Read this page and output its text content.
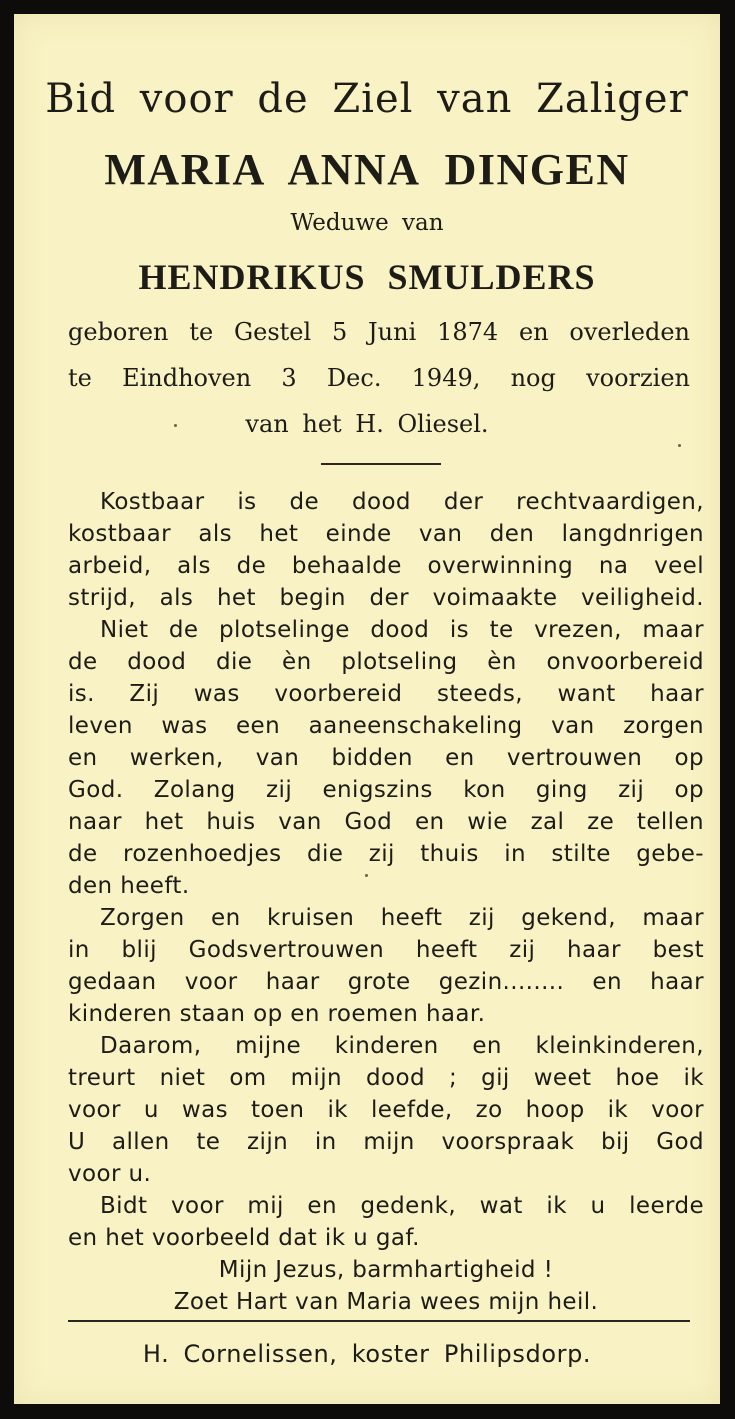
Bid voor de Ziel van Zaliger
MARIA ANNA DINGEN
Weduwe van
HENDRIKUS SMULDERS
geboren te Gestel 5 Juni 1874 en overleden
te Eindhoven 3 Dec. 1949, nog voorzien
van het H. Oliesel.
Kostbaar is de dood der rechtvaardigen,
kostbaar als het einde van den langdnrigen
arbeid, als de behaalde overwinning na veel
strijd, als het begin der voimaakte veiligheid.
Niet de plotselinge dood is te vrezen, maar
de dood die èn plotseling èn onvoorbereid
is. Zij was voorbereid steeds, want haar
leven was een aaneenschakeling van zorgen
en werken, van bidden en vertrouwen op
God. Zolang zij enigszins kon ging zij op
naar het huis van God en wie zal ze tellen
de rozenhoedjes die zij thuis in stilte gebe-
den heeft.
Zorgen en kruisen heeft zij gekend, maar
in blij Godsvertrouwen heeft zij haar best
gedaan voor haar grote gezin........ en haar
kinderen staan op en roemen haar.
Daarom, mijne kinderen en kleinkinderen,
treurt niet om mijn dood ; gij weet hoe ik
voor u was toen ik leefde, zo hoop ik voor
U allen te zijn in mijn voorspraak bij God
voor u.
Bidt voor mij en gedenk, wat ik u leerde
en het voorbeeld dat ik u gaf.
Mijn Jezus, barmhartigheid !
Zoet Hart van Maria wees mijn heil.
H. Cornelissen, koster Philipsdorp.
